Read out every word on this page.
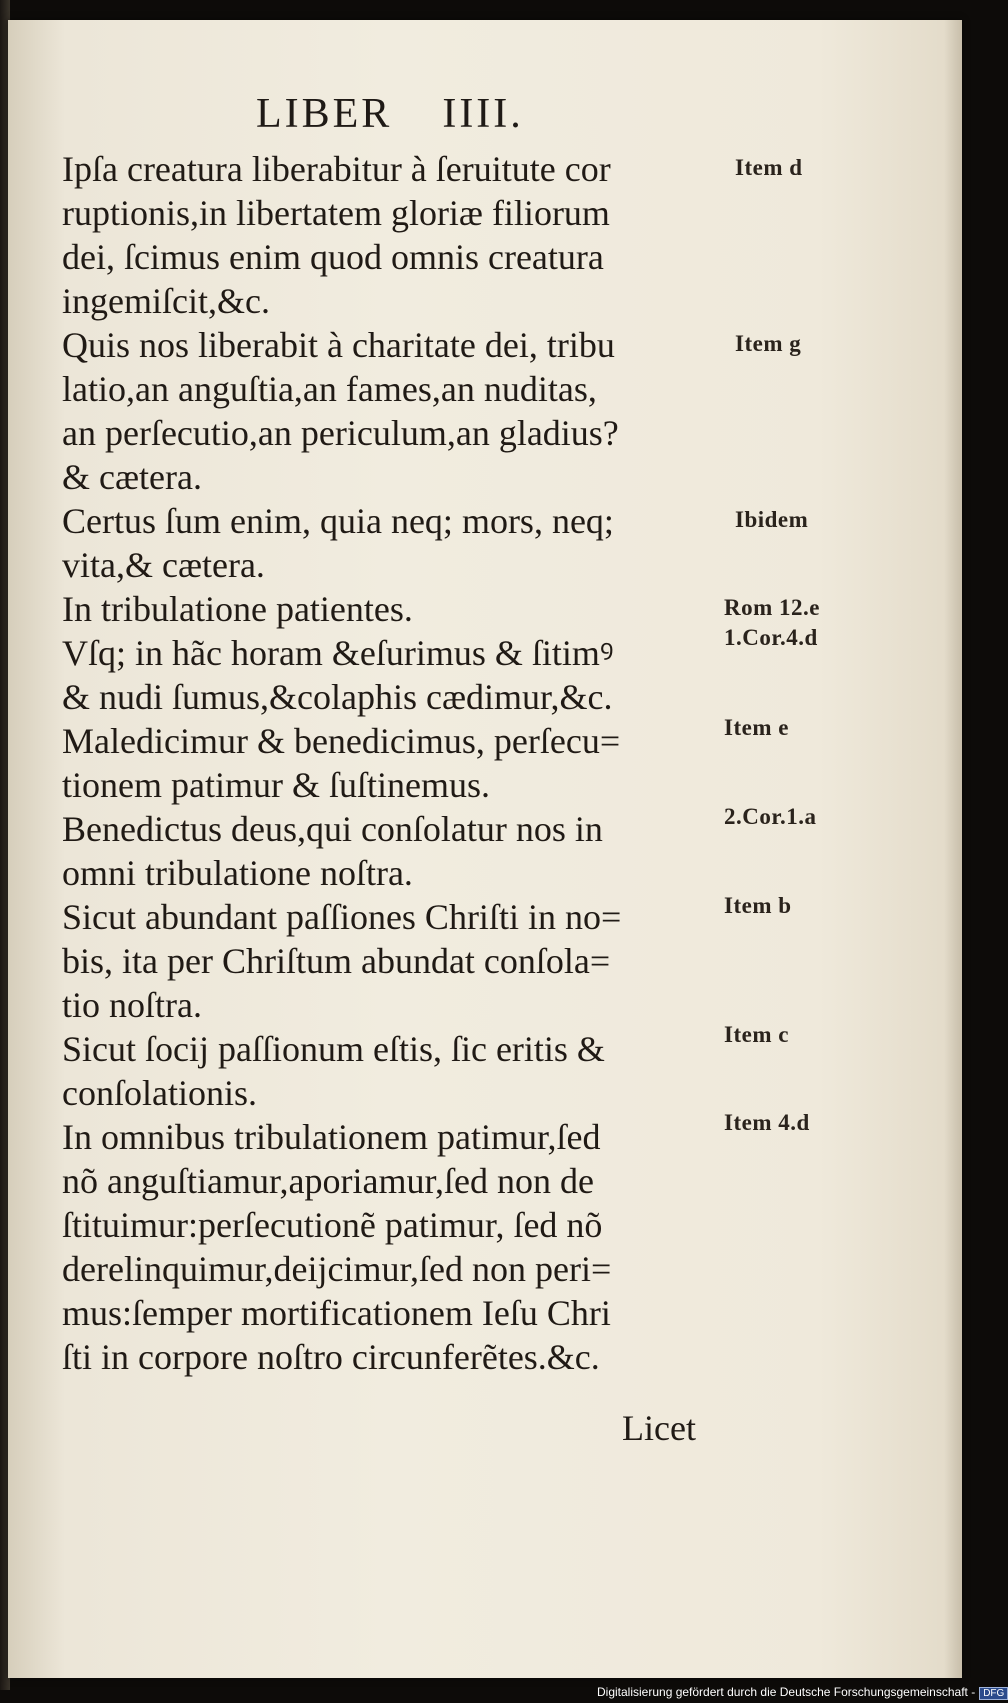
LIBER IIII.
Ipſa creatura liberabitur à ſeruitute cor
ruptionis,in libertatem gloriæ filiorum
dei, ſcimus enim quod omnis creatura
ingemiſcit,&c.
Quis nos liberabit à charitate dei, tribu
latio,an anguſtia,an fames,an nuditas,
an perſecutio,an periculum,an gladius?
& cætera.
Certus ſum enim, quia neq; mors, neq;
vita,& cætera.
In tribulatione patientes.
Vſq; in hãc horam &eſurimus & ſitimꝰ
& nudi ſumus,&colaphis cædimur,&c.
Maledicimur & benedicimus, perſecu=
tionem patimur & ſuſtinemus.
Benedictus deus,qui conſolatur nos in
omni tribulatione noſtra.
Sicut abundant paſſiones Chriſti in no=
bis, ita per Chriſtum abundat conſola=
tio noſtra.
Sicut ſocij paſſionum eſtis, ſic eritis &
conſolationis.
In omnibus tribulationem patimur,ſed
nõ anguſtiamur,aporiamur,ſed non de
ſtituimur:perſecutionẽ patimur, ſed nõ
derelinquimur,deijcimur,ſed non peri=
mus:ſemper mortificationem Ieſu Chri
ſti in corpore noſtro circunferẽtes.&c.
Item d
Item g
Ibidem
Rom 12.e
1.Cor.4.d
Item e
2.Cor.1.a
Item b
Item c
Item 4.d
Licet
Digitalisierung gefördert durch die Deutsche Forschungsgemeinschaft - DFG
